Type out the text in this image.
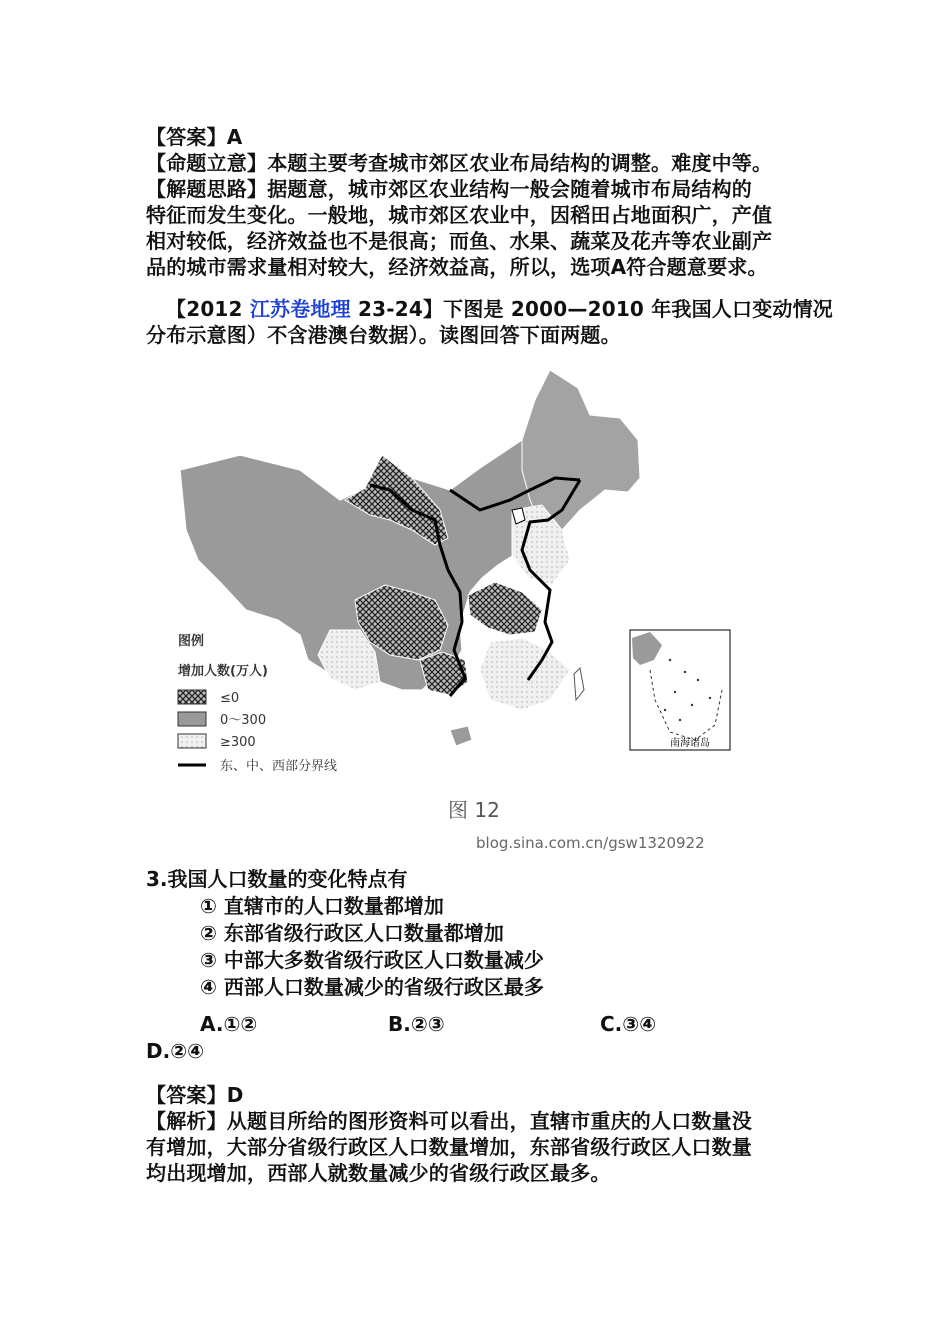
【答案】A
【命题立意】本题主要考查城市郊区农业布局结构的调整。难度中等。
【解题思路】据题意，城市郊区农业结构一般会随着城市布局结构的
特征而发生变化。一般地，城市郊区农业中，因稻田占地面积广，产值
相对较低，经济效益也不是很高；而鱼、水果、蔬菜及花卉等农业副产
品的城市需求量相对较大，经济效益高，所以，选项A符合题意要求。
【2012 江苏卷地理 23-24】下图是 2000—2010 年我国人口变动情况
分布示意图）不含港澳台数据）。读图回答下面两题。
南海诸岛
图例
增加人数(万人)
≤0
0～300
≥300
东、中、西部分界线
图 12
blog.sina.com.cn/gsw1320922
3.我国人口数量的变化特点有
① 直辖市的人口数量都增加
② 东部省级行政区人口数量都增加
③ 中部大多数省级行政区人口数量减少
④ 西部人口数量减少的省级行政区最多
A.①②	B.②③	C.③④
D.②④
【答案】D
【解析】从题目所给的图形资料可以看出，直辖市重庆的人口数量没
有增加，大部分省级行政区人口数量增加，东部省级行政区人口数量
均出现增加，西部人就数量减少的省级行政区最多。
